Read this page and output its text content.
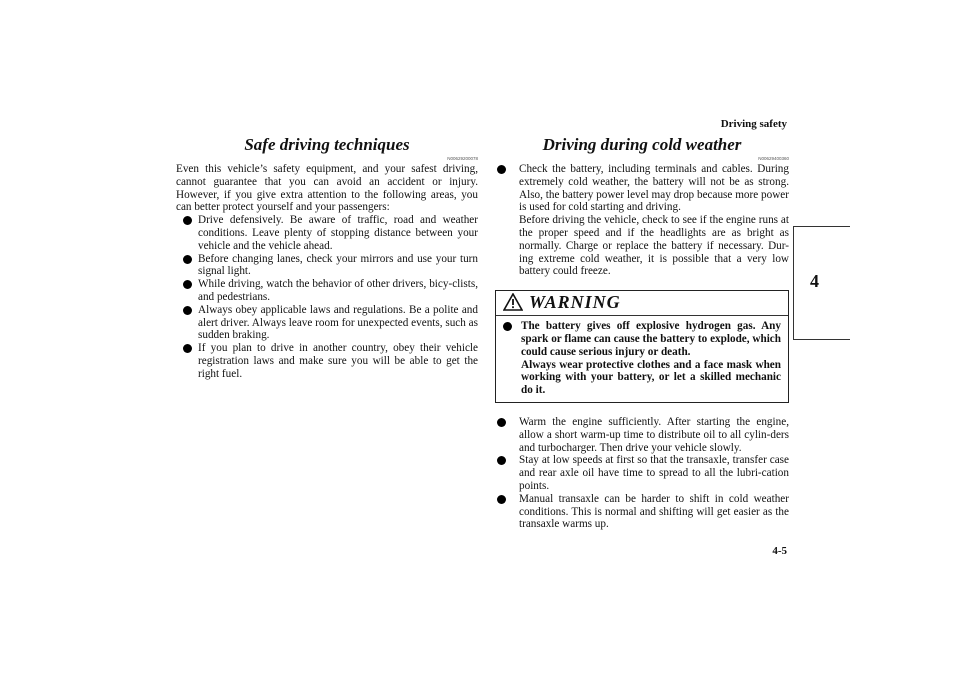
Driving safety
4
Safe driving techniques
N00629200078

Even this vehicle’s safety equipment, and your safest driving, cannot guarantee that you can avoid an accident or injury. However, if you give extra attention to the following areas, you can better protect yourself and your passengers:

Drive defensively. Be aware of traffic, road and weather conditions. Leave plenty of stopping distance between your vehicle and the vehicle ahead.
Before changing lanes, check your mirrors and use your turn signal light.
While driving, watch the behavior of other drivers, bicy-clists, and pedestrians.
Always obey applicable laws and regulations. Be a polite and alert driver. Always leave room for unexpected events, such as sudden braking.
If you plan to drive in another country, obey their vehicle registration laws and make sure you will be able to get the right fuel.
Driving during cold weather
N00629400360
Check the battery, including terminals and cables. During extremely cold weather, the battery will not be as strong. Also, the battery power level may drop because more power is used for cold starting and driving.
Before driving the vehicle, check to see if the engine runs at the proper speed and if the headlights are as bright as normally. Charge or replace the battery if necessary. Dur-ing extreme cold weather, it is possible that a very low battery could freeze.
WARNING
The battery gives off explosive hydrogen gas. Any spark or flame can cause the battery to explode, which could cause serious injury or death.
Always wear protective clothes and a face mask when working with your battery, or let a skilled mechanic do it.
Warm the engine sufficiently. After starting the engine, allow a short warm-up time to distribute oil to all cylin-ders and turbocharger. Then drive your vehicle slowly.
Stay at low speeds at first so that the transaxle, transfer case and rear axle oil have time to spread to all the lubri-cation points.
Manual transaxle can be harder to shift in cold weather conditions. This is normal and shifting will get easier as the transaxle warms up.
4-5
